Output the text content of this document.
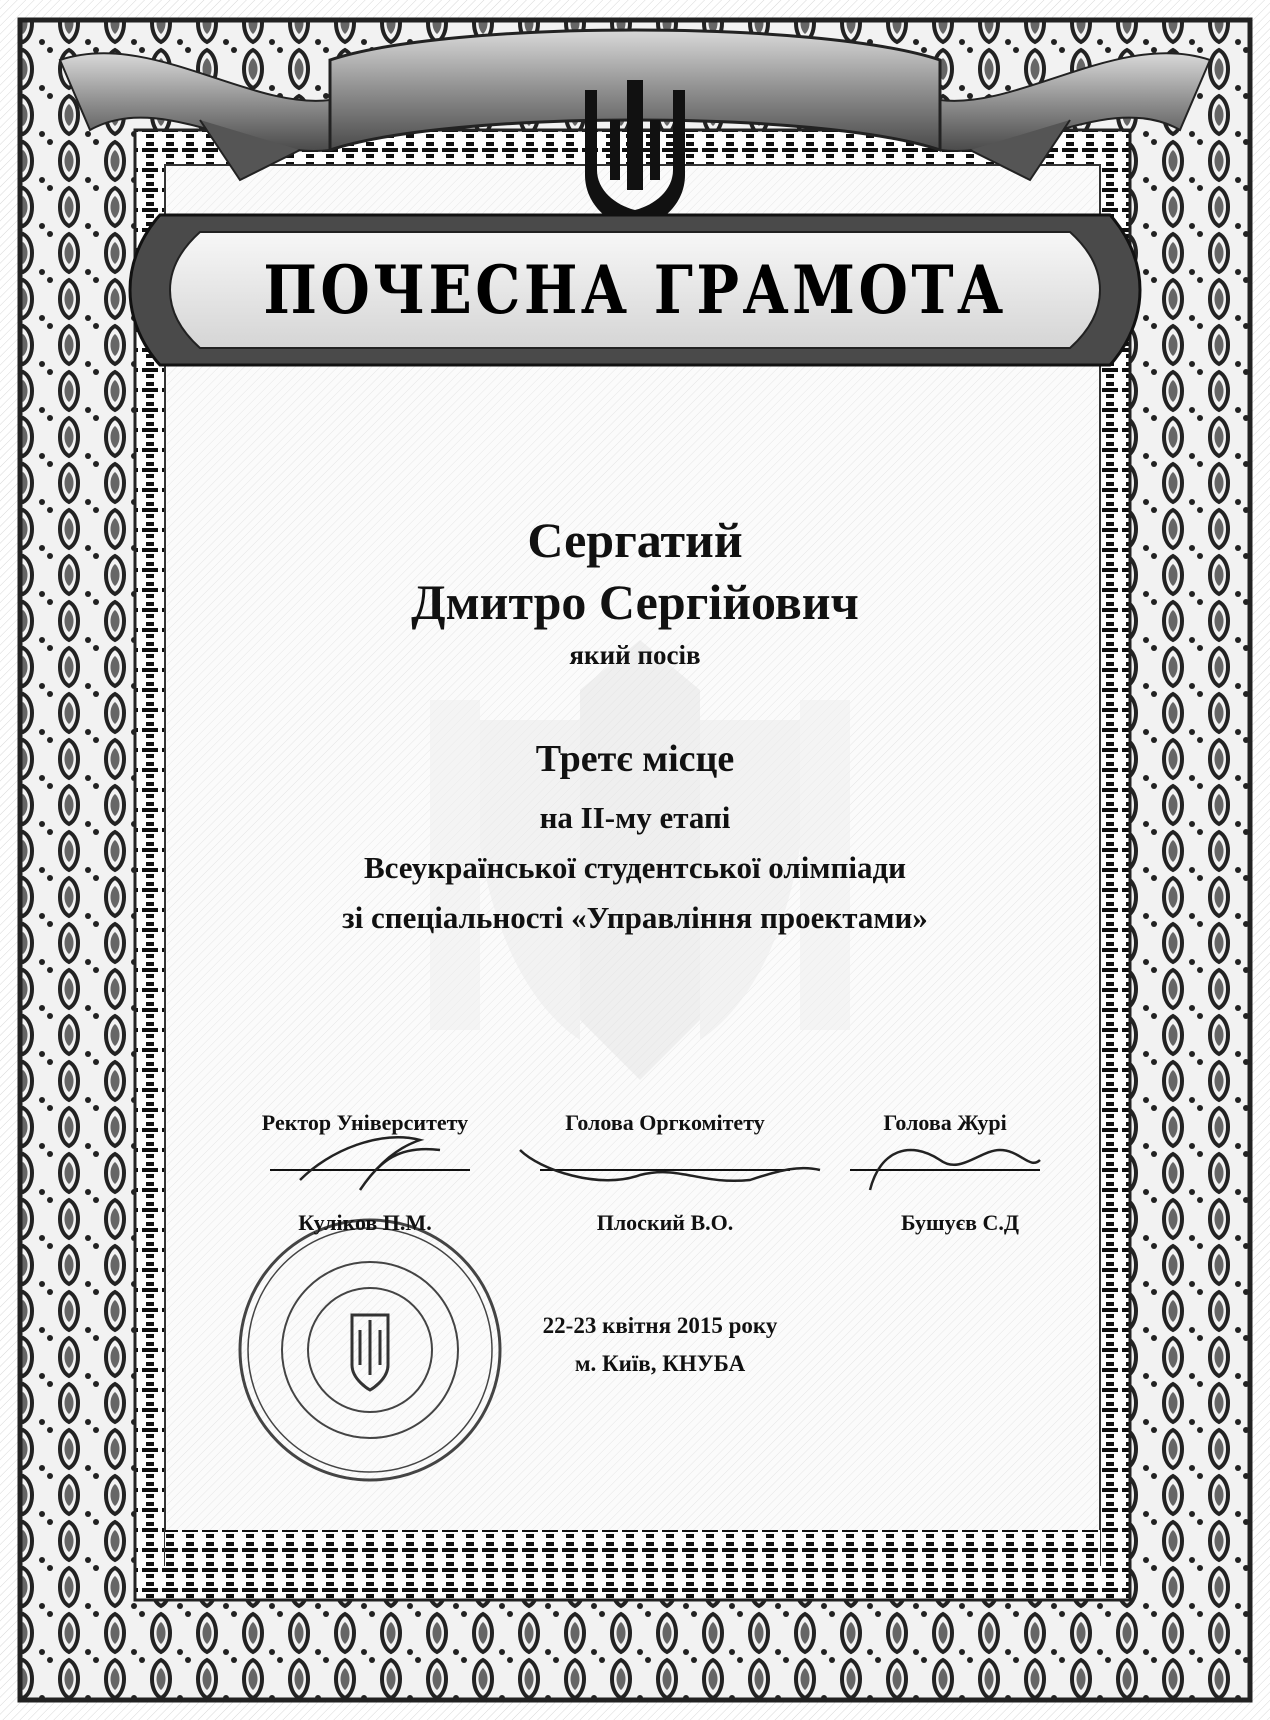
ПОЧЕСНА ГРАМОТА
Сергатий
Дмитро Сергійович
який посів
Третє місце
на ІІ-му етапі
Всеукраїнської студентської олімпіади
зі спеціальності «Управління проектами»
Ректор Університету	Голова Оргкомітету	Голова Журі
Куліков П.М.	Плоский В.О.	Бушуєв С.Д
22-23 квітня 2015 року
м. Київ, КНУБА
